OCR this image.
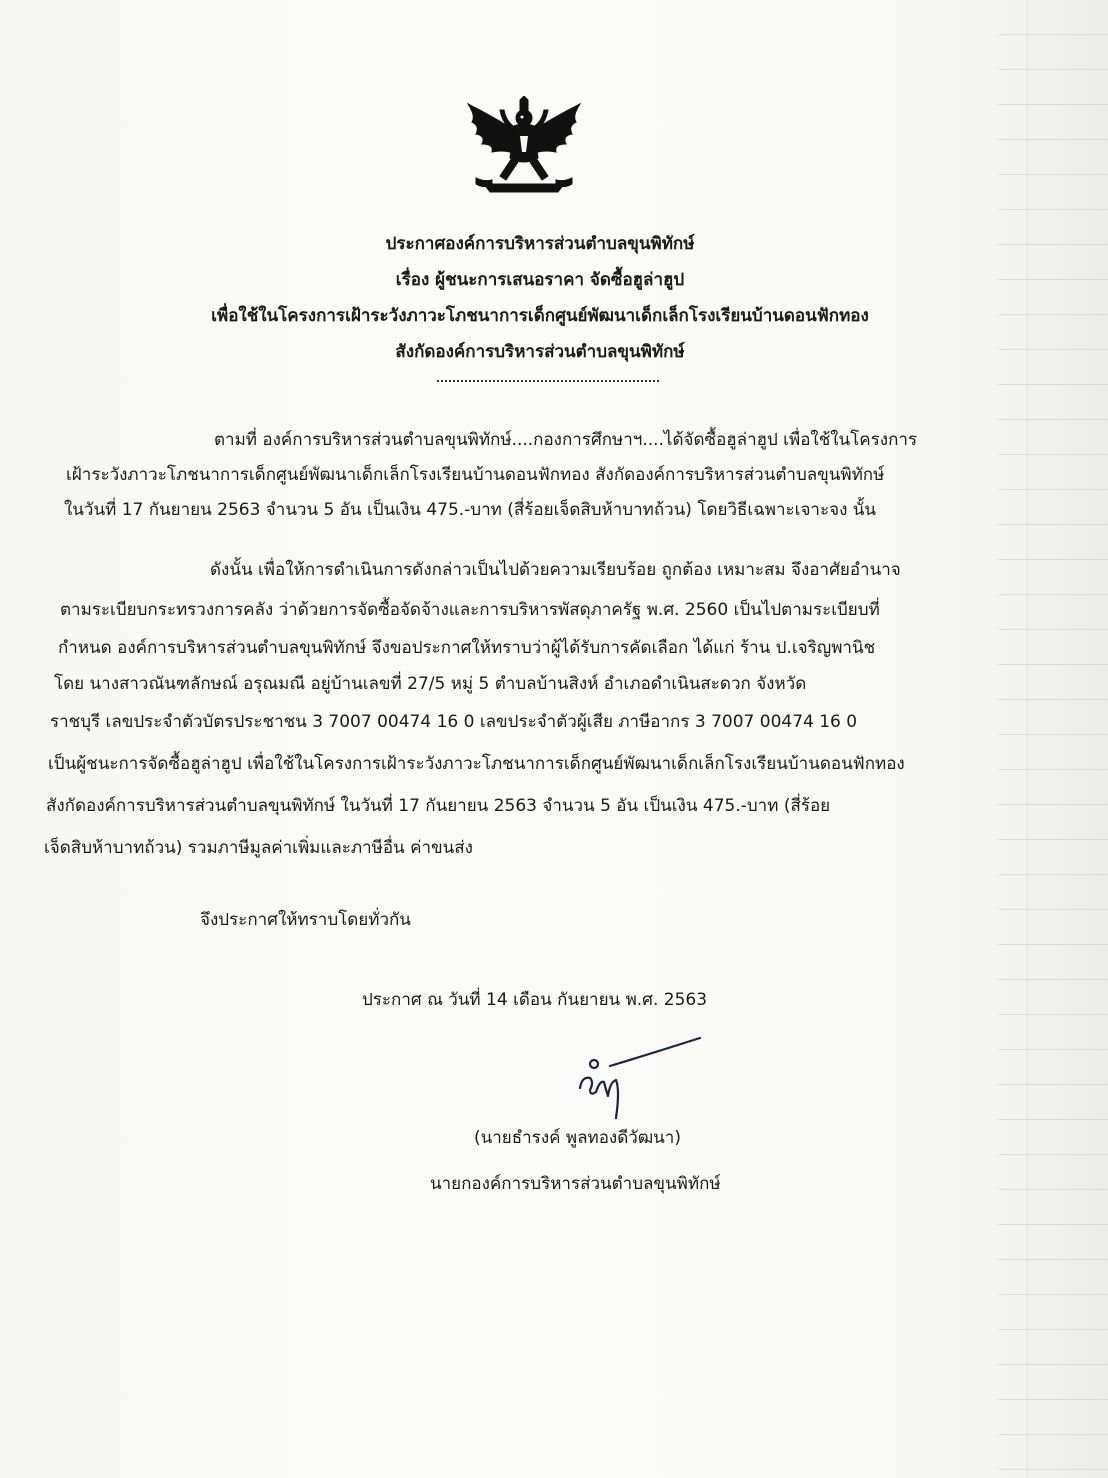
ประกาศองค์การบริหารส่วนตำบลขุนพิทักษ์
เรื่อง ผู้ชนะการเสนอราคา จัดซื้อฮูล่าฮูป
เพื่อใช้ในโครงการเฝ้าระวังภาวะโภชนาการเด็กศูนย์พัฒนาเด็กเล็กโรงเรียนบ้านดอนฟักทอง
สังกัดองค์การบริหารส่วนตำบลขุนพิทักษ์
ตามที่ องค์การบริหารส่วนตำบลขุนพิทักษ์....กองการศึกษาฯ....ได้จัดซื้อฮูล่าฮูป เพื่อใช้ในโครงการ
เฝ้าระวังภาวะโภชนาการเด็กศูนย์พัฒนาเด็กเล็กโรงเรียนบ้านดอนฟักทอง สังกัดองค์การบริหารส่วนตำบลขุนพิทักษ์
ในวันที่ 17 กันยายน 2563 จำนวน 5 อัน เป็นเงิน 475.-บาท (สี่ร้อยเจ็ดสิบห้าบาทถ้วน) โดยวิธีเฉพาะเจาะจง นั้น
ดังนั้น เพื่อให้การดำเนินการดังกล่าวเป็นไปด้วยความเรียบร้อย ถูกต้อง เหมาะสม จึงอาศัยอำนาจ
ตามระเบียบกระทรวงการคลัง ว่าด้วยการจัดซื้อจัดจ้างและการบริหารพัสดุภาครัฐ พ.ศ. 2560 เป็นไปตามระเบียบที่
กำหนด องค์การบริหารส่วนตำบลขุนพิทักษ์ จึงขอประกาศให้ทราบว่าผู้ได้รับการคัดเลือก ได้แก่ ร้าน ป.เจริญพานิช
โดย นางสาวณันฑลักษณ์ อรุณมณี อยู่บ้านเลขที่ 27/5 หมู่ 5 ตำบลบ้านสิงห์ อำเภอดำเนินสะดวก จังหวัด
ราชบุรี เลขประจำตัวบัตรประชาชน 3 7007 00474 16 0 เลขประจำตัวผู้เสีย ภาษีอากร 3 7007 00474 16 0
เป็นผู้ชนะการจัดซื้อฮูล่าฮูป เพื่อใช้ในโครงการเฝ้าระวังภาวะโภชนาการเด็กศูนย์พัฒนาเด็กเล็กโรงเรียนบ้านดอนฟักทอง
สังกัดองค์การบริหารส่วนตำบลขุนพิทักษ์ ในวันที่ 17 กันยายน 2563 จำนวน 5 อัน เป็นเงิน 475.-บาท (สี่ร้อย
เจ็ดสิบห้าบาทถ้วน) รวมภาษีมูลค่าเพิ่มและภาษีอื่น ค่าขนส่ง
จึงประกาศให้ทราบโดยทั่วกัน
ประกาศ ณ วันที่ 14 เดือน กันยายน พ.ศ. 2563
(นายธำรงค์ พูลทองดีวัฒนา)
นายกองค์การบริหารส่วนตำบลขุนพิทักษ์
